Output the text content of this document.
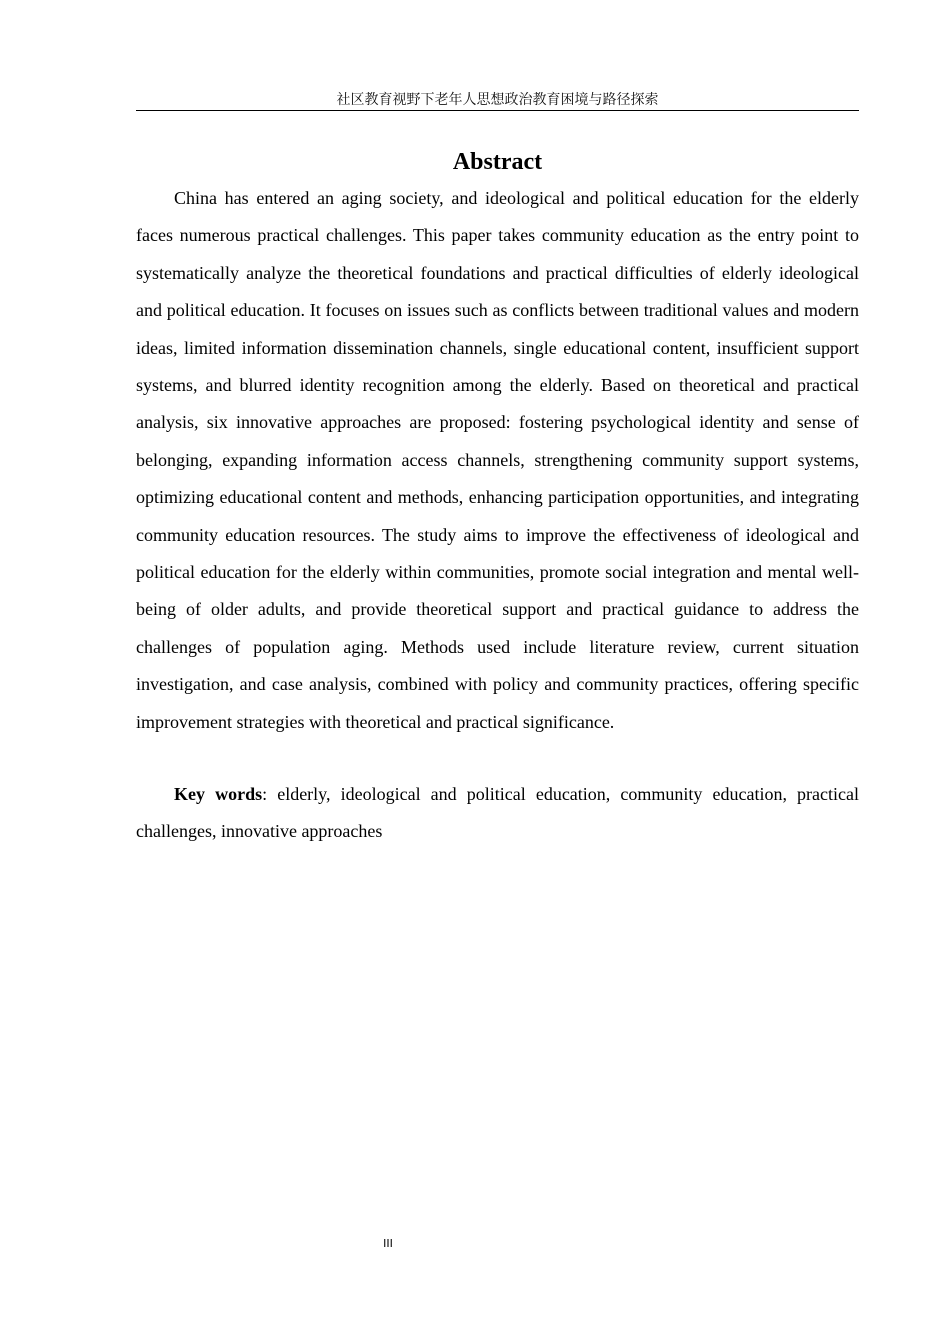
社区教育视野下老年人思想政治教育困境与路径探索
Abstract

China has entered an aging society, and ideological and political education for the elderly faces numerous practical challenges. This paper takes community education as the entry point to systematically analyze the theoretical foundations and practical difficulties of elderly ideological and political education. It focuses on issues such as conflicts between traditional values and modern ideas, limited information dissemination channels, single educational content, insufficient support systems, and blurred identity recognition among the elderly. Based on theoretical and practical analysis, six innovative approaches are proposed: fostering psychological identity and sense of belonging, expanding information access channels, strengthening community support systems, optimizing educational content and methods, enhancing participation opportunities, and integrating community education resources. The study aims to improve the effectiveness of ideological and political education for the elderly within communities, promote social integration and mental well-being of older adults, and provide theoretical support and practical guidance to address the challenges of population aging. Methods used include literature review, current situation investigation, and case analysis, combined with policy and community practices, offering specific improvement strategies with theoretical and practical significance.

Key words: elderly, ideological and political education, community education, practical challenges, innovative approaches

III
